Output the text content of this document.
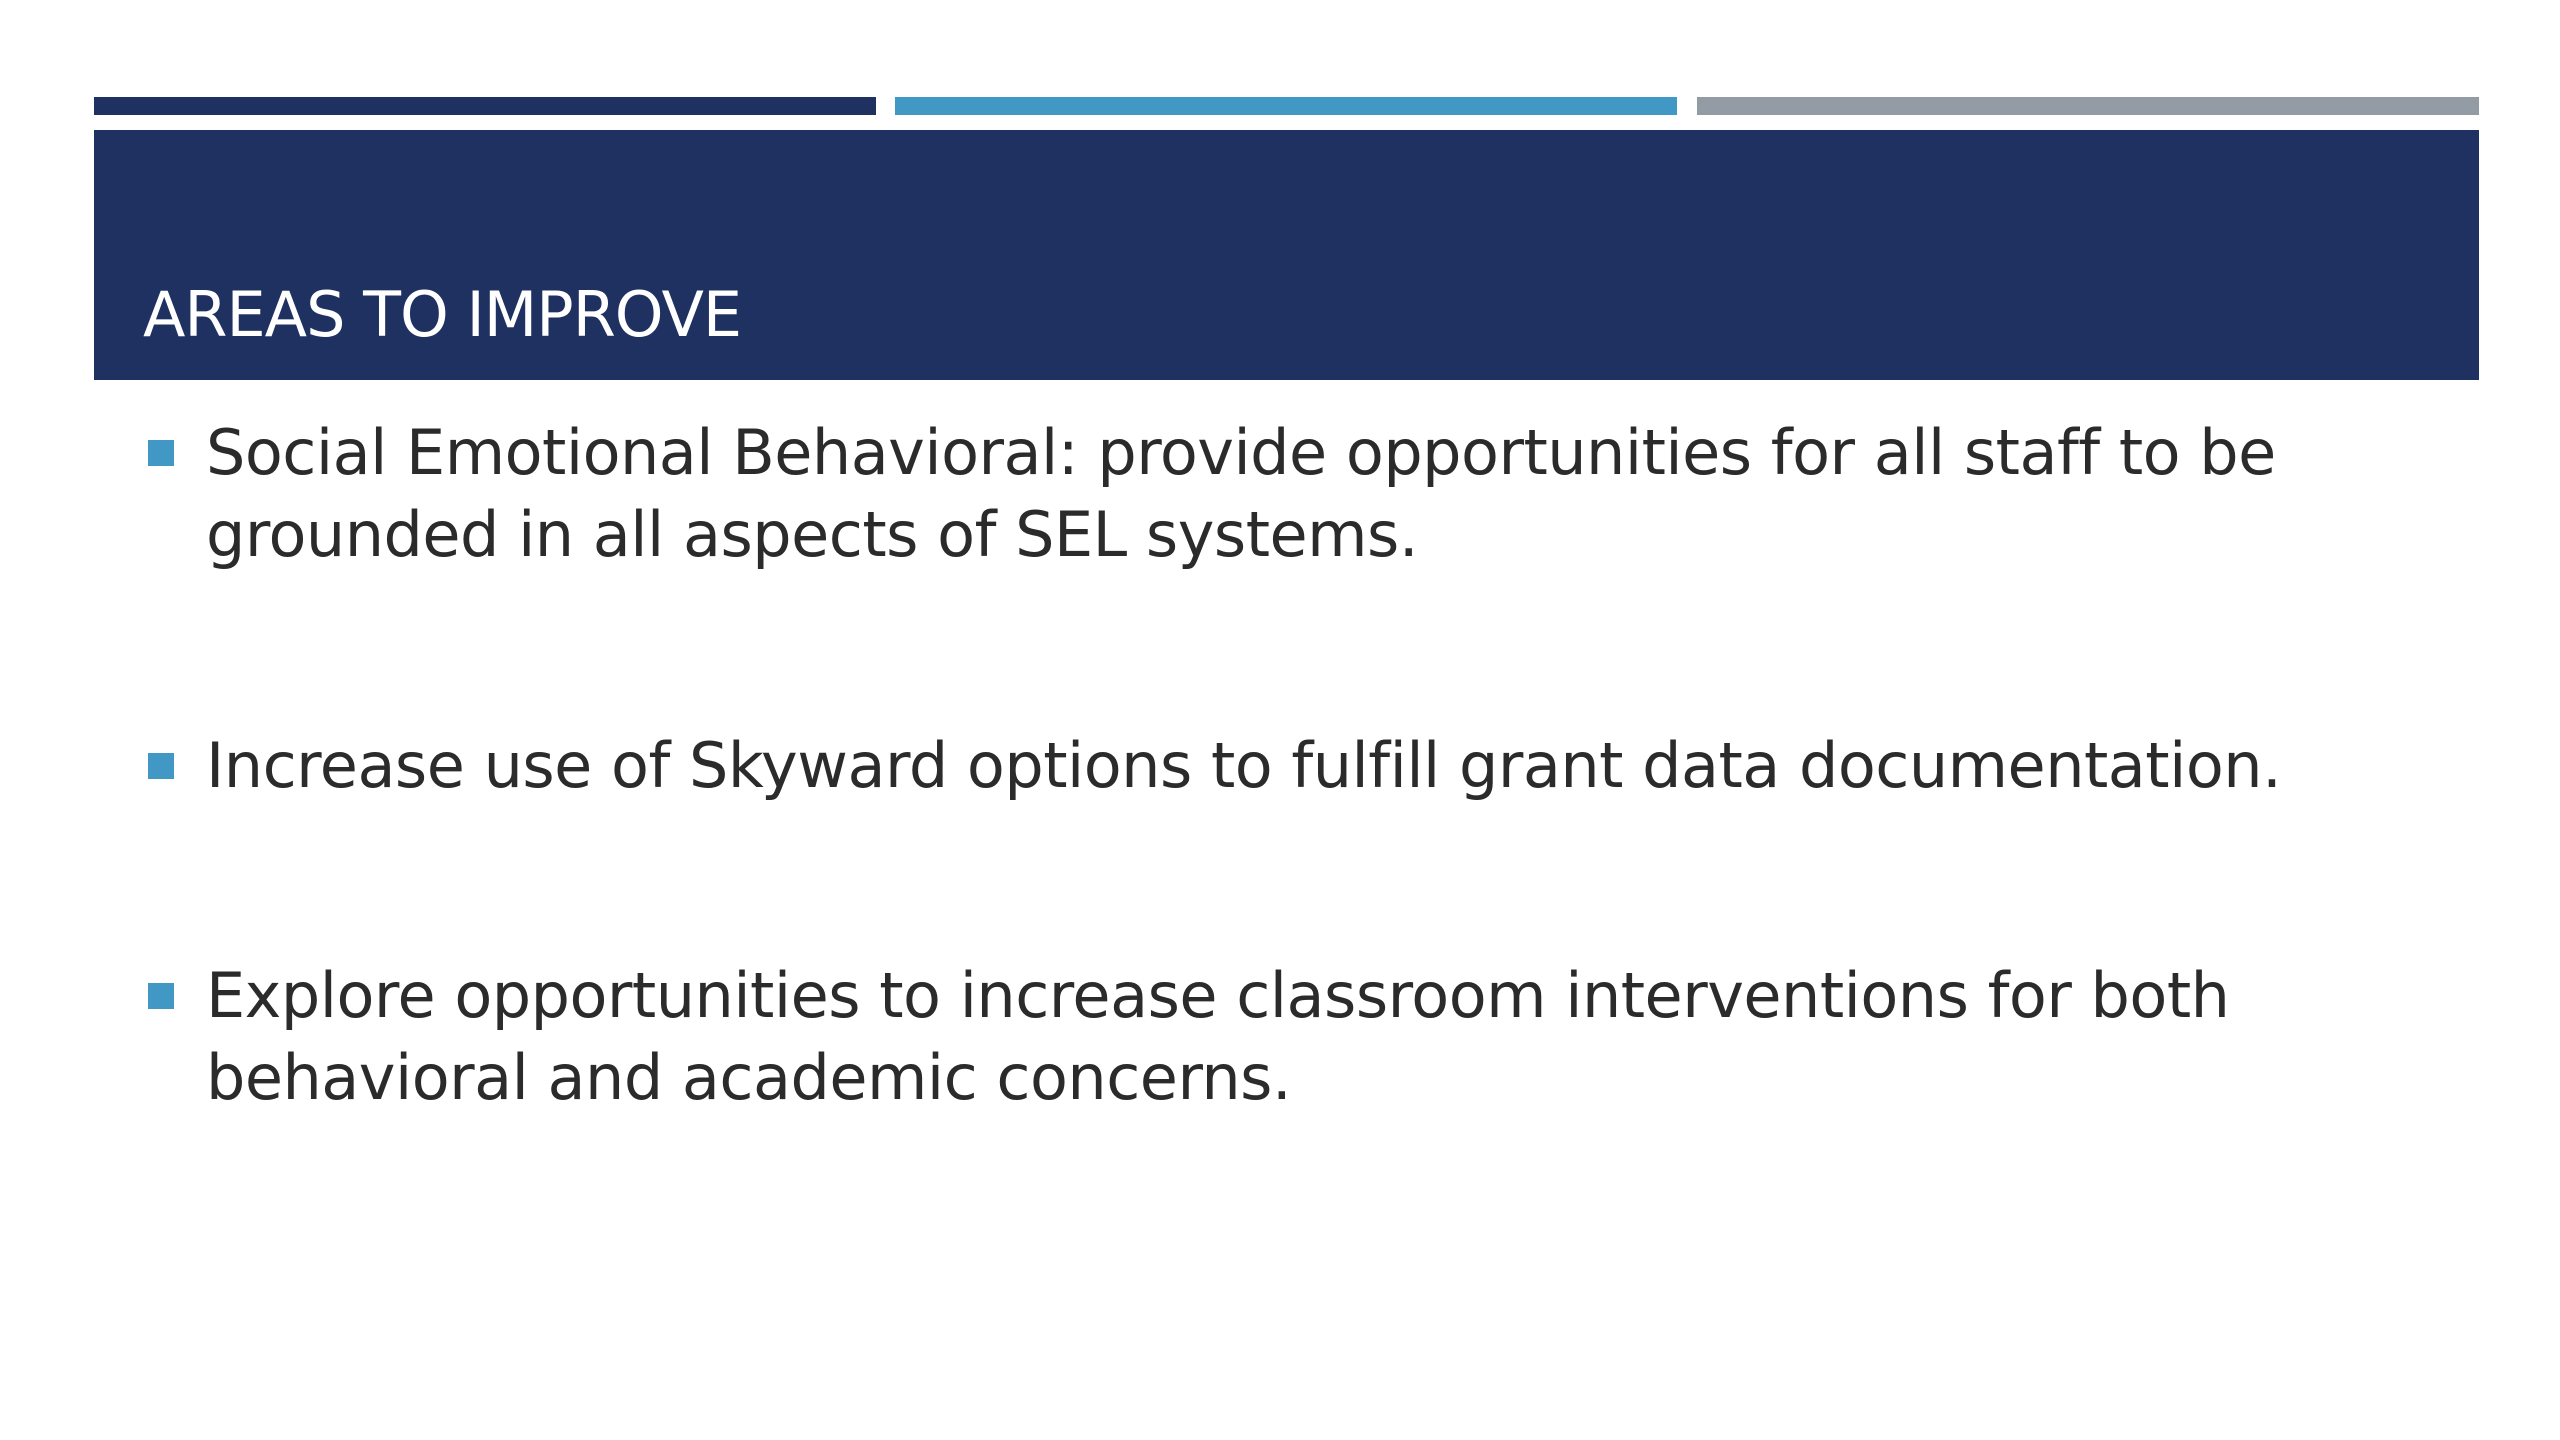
AREAS TO IMPROVE
Social Emotional Behavioral: provide opportunities for all staff to be grounded in all aspects of SEL systems.
Increase use of Skyward options to fulfill grant data documentation.
Explore opportunities to increase classroom interventions for both behavioral and academic concerns.
